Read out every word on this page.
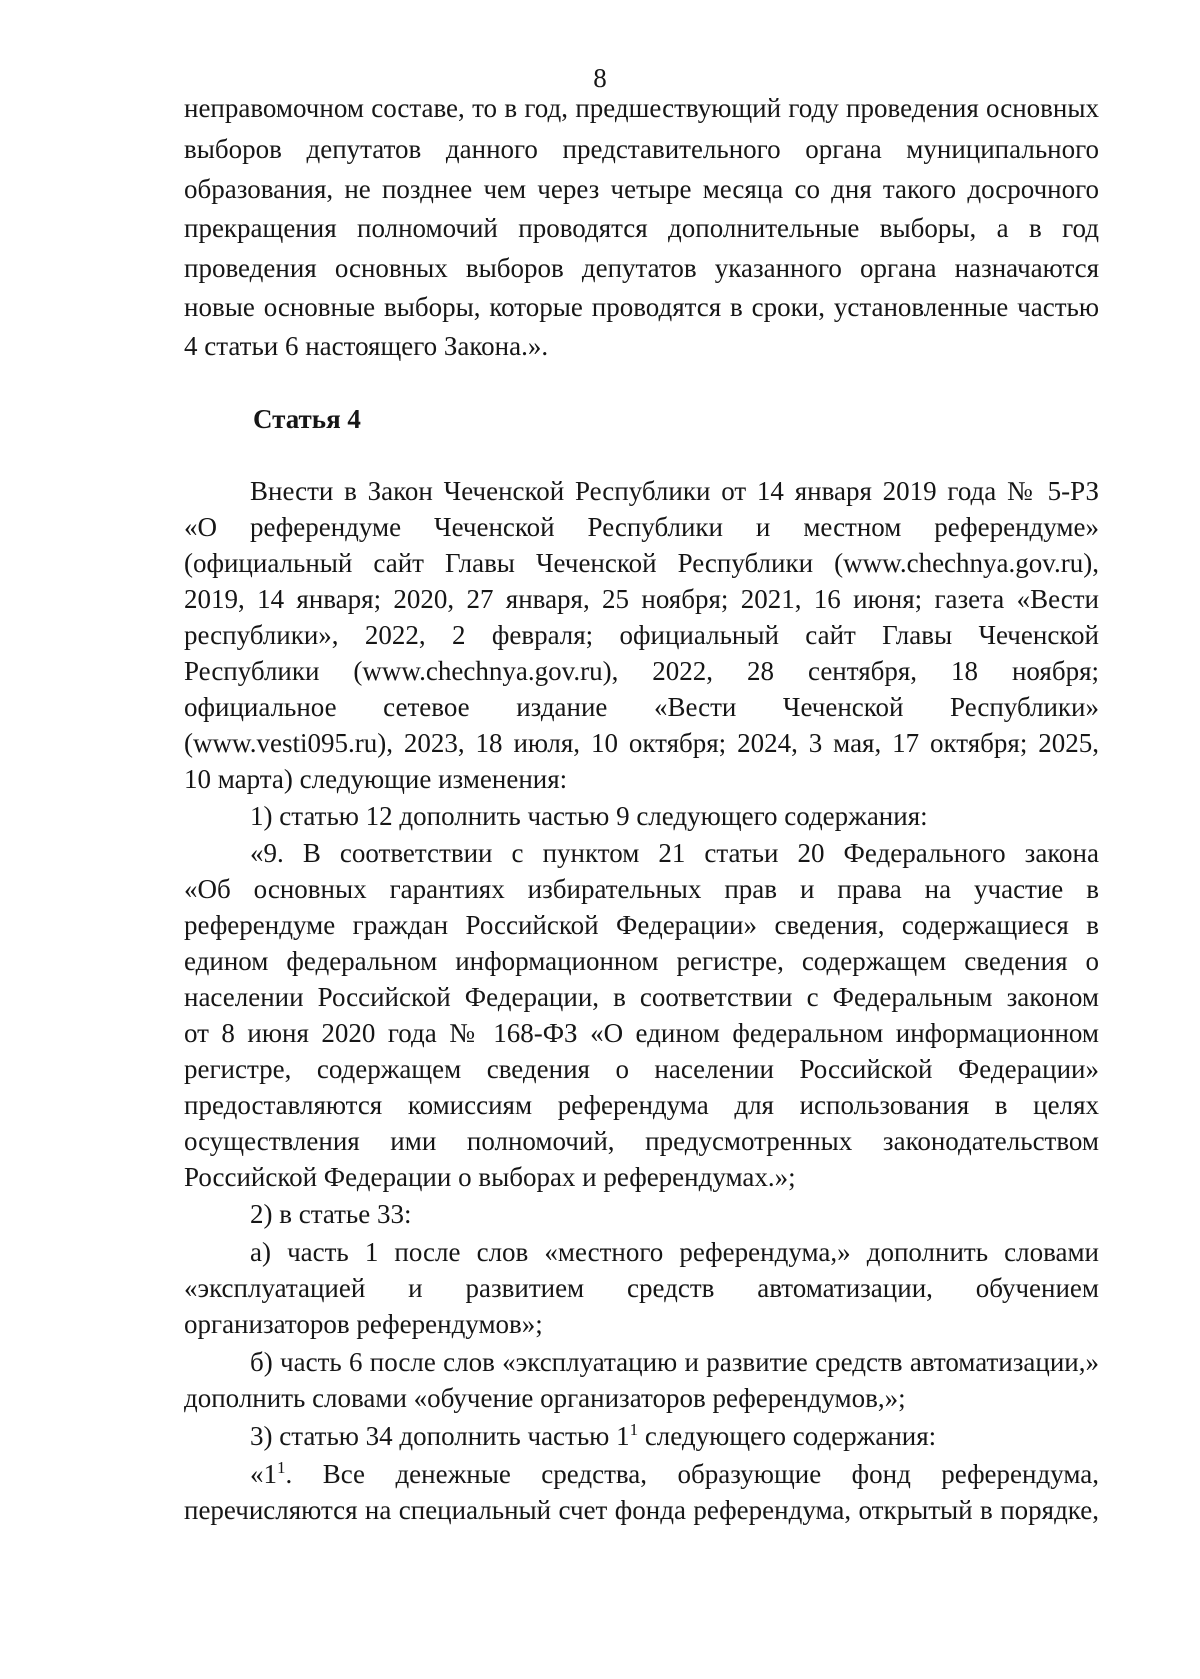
8
неправомочном составе, то в год, предшествующий году проведения основных
выборов депутатов данного представительного органа муниципального
образования, не позднее чем через четыре месяца со дня такого досрочного
прекращения полномочий проводятся дополнительные выборы, а в год
проведения основных выборов депутатов указанного органа назначаются
новые основные выборы, которые проводятся в сроки, установленные частью
4 статьи 6 настоящего Закона.».
Статья 4
Внести в Закон Чеченской Республики от 14 января 2019 года № 5-РЗ
«О референдуме Чеченской Республики и местном референдуме»
(официальный сайт Главы Чеченской Республики (www.chechnya.gov.ru),
2019, 14 января; 2020, 27 января, 25 ноября; 2021, 16 июня; газета «Вести
республики», 2022, 2 февраля; официальный сайт Главы Чеченской
Республики (www.chechnya.gov.ru), 2022, 28 сентября, 18 ноября;
официальное сетевое издание «Вести Чеченской Республики»
(www.vesti095.ru), 2023, 18 июля, 10 октября; 2024, 3 мая, 17 октября; 2025,
10 марта) следующие изменения:
1) статью 12 дополнить частью 9 следующего содержания:
«9. В соответствии с пунктом 21 статьи 20 Федерального закона
«Об основных гарантиях избирательных прав и права на участие в
референдуме граждан Российской Федерации» сведения, содержащиеся в
едином федеральном информационном регистре, содержащем сведения о
населении Российской Федерации, в соответствии с Федеральным законом
от 8 июня 2020 года № 168-ФЗ «О едином федеральном информационном
регистре, содержащем сведения о населении Российской Федерации»
предоставляются комиссиям референдума для использования в целях
осуществления ими полномочий, предусмотренных законодательством
Российской Федерации о выборах и референдумах.»;
2) в статье 33:
а) часть 1 после слов «местного референдума,» дополнить словами
«эксплуатацией и развитием средств автоматизации, обучением
организаторов референдумов»;
б) часть 6 после слов «эксплуатацию и развитие средств автоматизации,»
дополнить словами «обучение организаторов референдумов,»;
3) статью 34 дополнить частью $1^1$ следующего содержания:
«$1^1$. Все денежные средства, образующие фонд референдума,
перечисляются на специальный счет фонда референдума, открытый в порядке,
